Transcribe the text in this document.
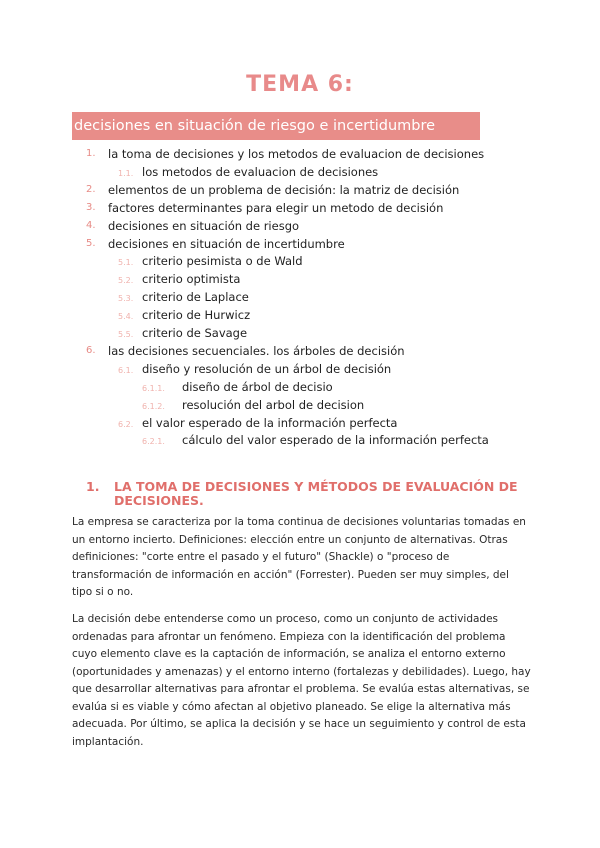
TEMA 6:
decisiones en situación de riesgo e incertidumbre
1. la toma de decisiones y los metodos de evaluacion de decisiones
1.1. los metodos de evaluacion de decisiones
2. elementos de un problema de decisión: la matriz de decisión
3. factores determinantes para elegir un metodo de decisión
4. decisiones en situación de riesgo
5. decisiones en situación de incertidumbre
5.1. criterio pesimista o de Wald
5.2. criterio optimista
5.3. criterio de Laplace
5.4. criterio de Hurwicz
5.5. criterio de Savage
6. las decisiones secuenciales. los árboles de decisión
6.1. diseño y resolución de un árbol de decisión
6.1.1. diseño de árbol de decisio
6.1.2. resolución del arbol de decision
6.2. el valor esperado de la información perfecta
6.2.1. cálculo del valor esperado de la información perfecta
1. LA TOMA DE DECISIONES Y MÉTODOS DE EVALUACIÓN DE DECISIONES.
La empresa se caracteriza por la toma continua de decisiones voluntarias tomadas en un entorno incierto. Definiciones: elección entre un conjunto de alternativas. Otras definiciones: "corte entre el pasado y el futuro" (Shackle) o "proceso de transformación de información en acción" (Forrester). Pueden ser muy simples, del tipo si o no.
La decisión debe entenderse como un proceso, como un conjunto de actividades ordenadas para afrontar un fenómeno. Empieza con la identificación del problema cuyo elemento clave es la captación de información, se analiza el entorno externo (oportunidades y amenazas) y el entorno interno (fortalezas y debilidades). Luego, hay que desarrollar alternativas para afrontar el problema. Se evalúa estas alternativas, se evalúa si es viable y cómo afectan al objetivo planeado. Se elige la alternativa más adecuada. Por último, se aplica la decisión y se hace un seguimiento y control de esta implantación.
